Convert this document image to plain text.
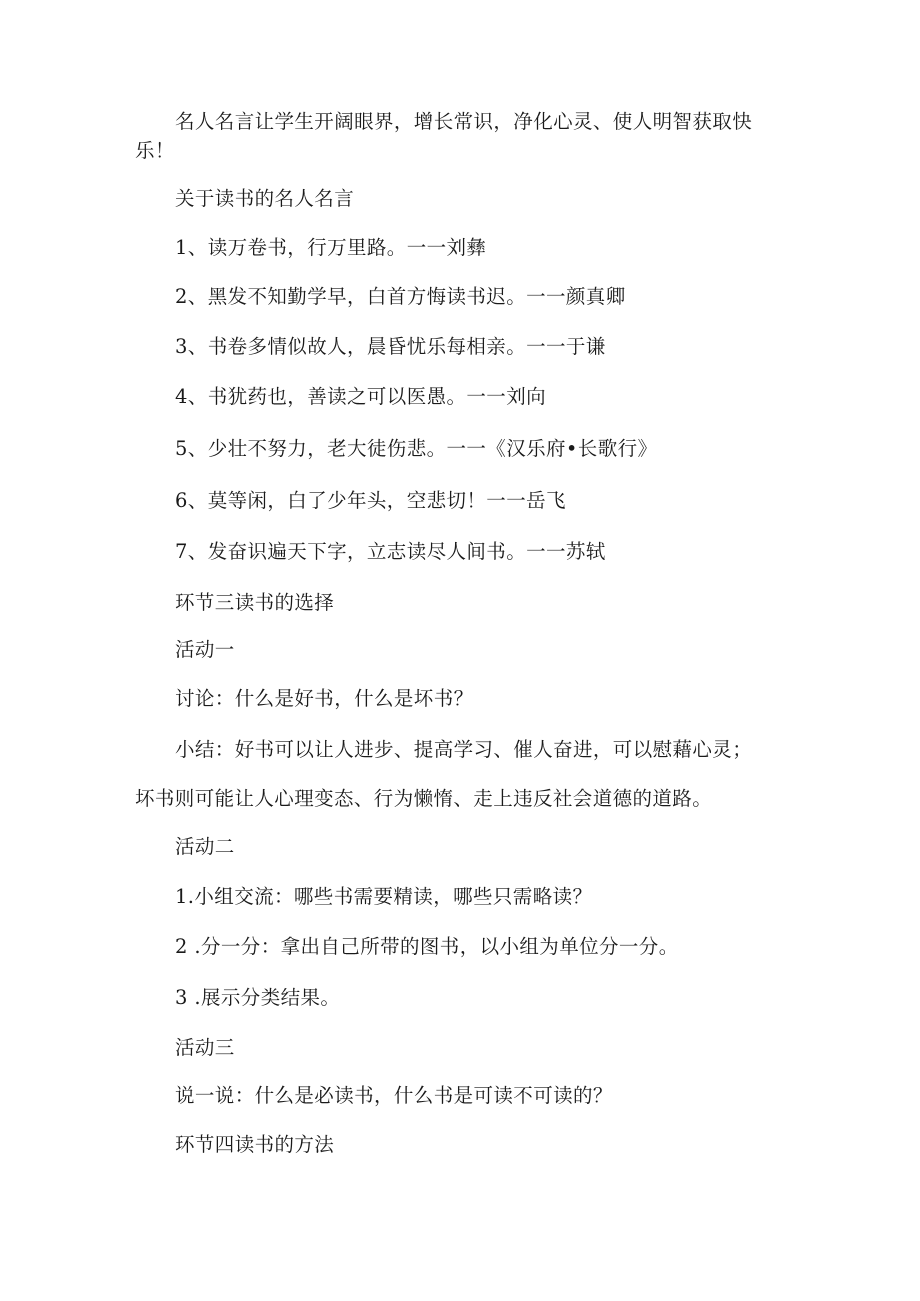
名人名言让学生开阔眼界，增长常识，净化心灵、使人明智获取快
乐！
关于读书的名人名言
1、读万卷书，行万里路。一一刘彝
2、黑发不知勤学早，白首方悔读书迟。一一颜真卿
3、书卷多情似故人，晨昏忧乐每相亲。一一于谦
4、书犹药也，善读之可以医愚。一一刘向
5、少壮不努力，老大徒伤悲。一一《汉乐府•长歌行》
6、莫等闲，白了少年头，空悲切！一一岳飞
7、发奋识遍天下字，立志读尽人间书。一一苏轼
环节三读书的选择
活动一
讨论：什么是好书，什么是坏书？
小结：好书可以让人进步、提高学习、催人奋进，可以慰藉心灵；
坏书则可能让人心理变态、行为懒惰、走上违反社会道德的道路。
活动二
1.小组交流：哪些书需要精读，哪些只需略读？
2 .分一分：拿出自己所带的图书，以小组为单位分一分。
3 .展示分类结果。
活动三
说一说：什么是必读书，什么书是可读不可读的？
环节四读书的方法
